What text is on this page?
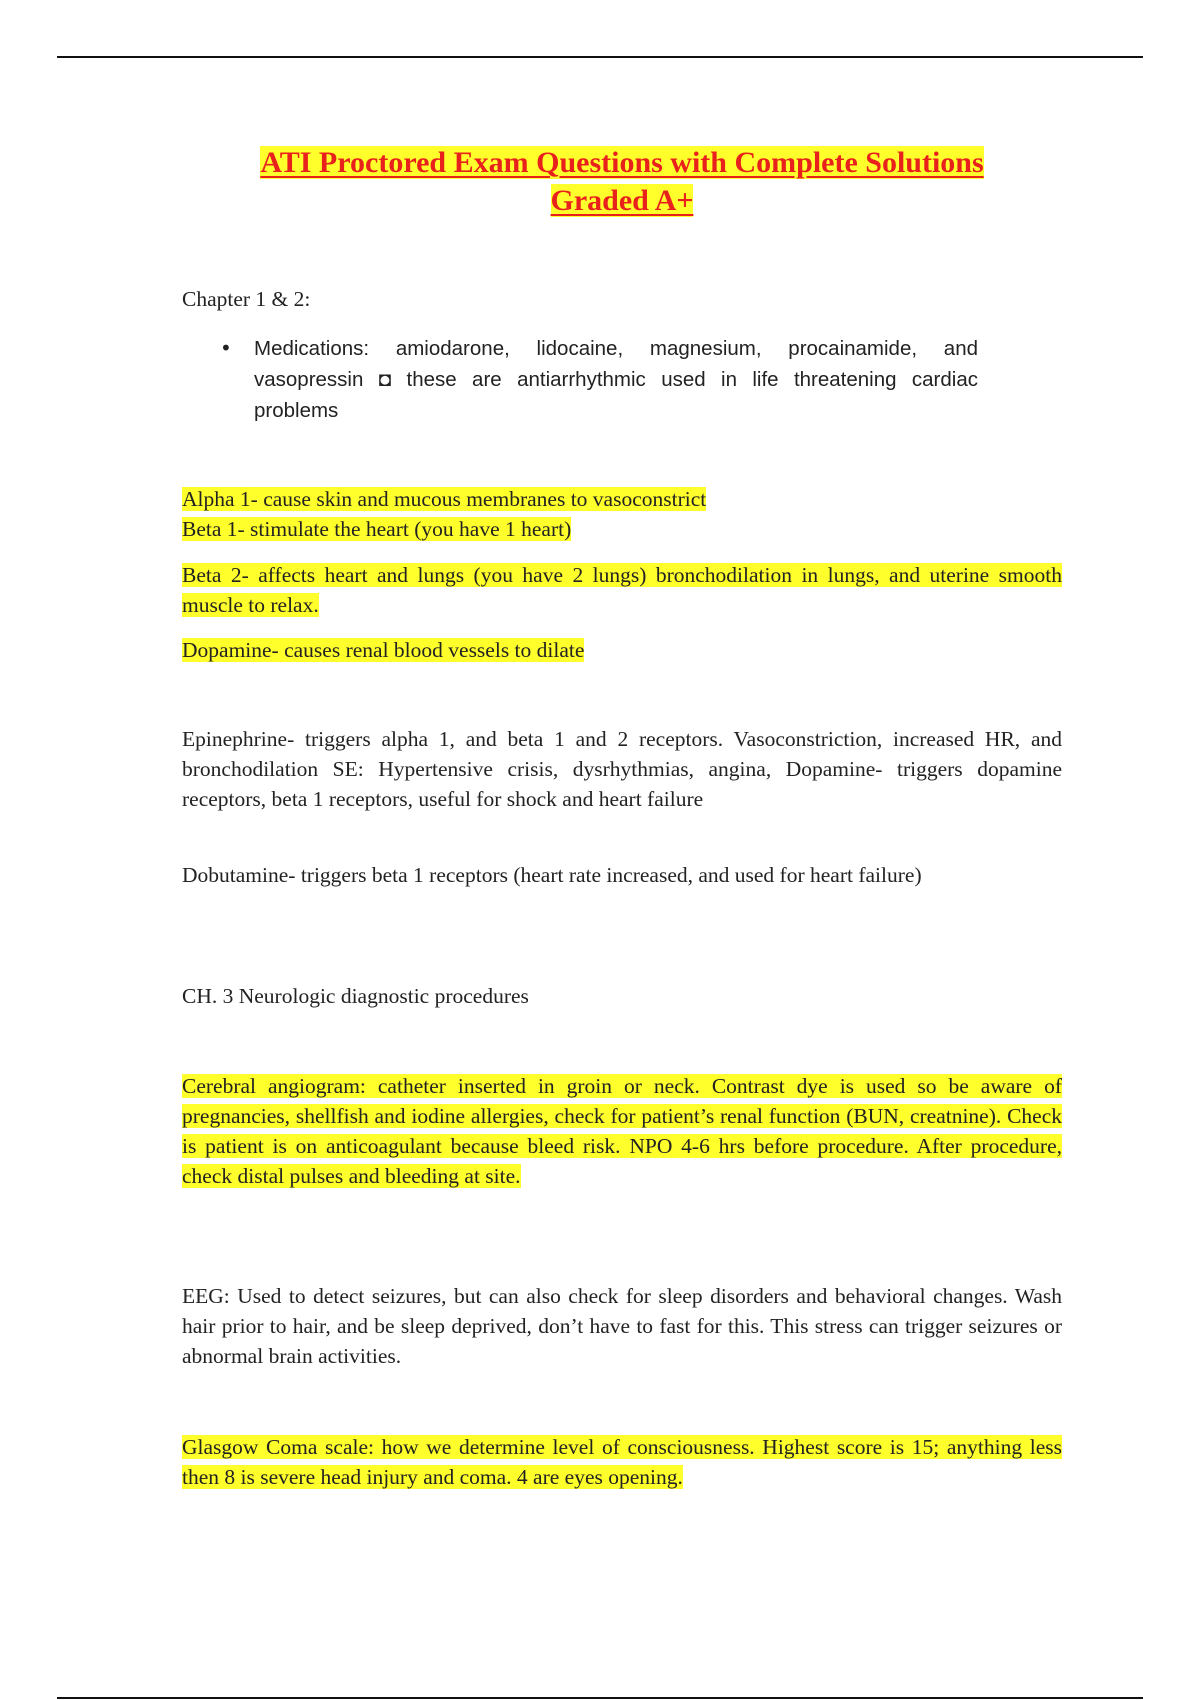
ATI Proctored Exam Questions with Complete Solutions
Graded A+
Chapter 1 & 2:
• Medications: amiodarone, lidocaine, magnesium, procainamide, and vasopressin ◘ these are antiarrhythmic used in life threatening cardiac problems
Alpha 1- cause skin and mucous membranes to vasoconstrict
Beta 1- stimulate the heart (you have 1 heart)
Beta 2- affects heart and lungs (you have 2 lungs) bronchodilation in lungs, and uterine smooth muscle to relax.
Dopamine- causes renal blood vessels to dilate
Epinephrine- triggers alpha 1, and beta 1 and 2 receptors. Vasoconstriction, increased HR, and bronchodilation SE: Hypertensive crisis, dysrhythmias, angina, Dopamine- triggers dopamine receptors, beta 1 receptors, useful for shock and heart failure
Dobutamine- triggers beta 1 receptors (heart rate increased, and used for heart failure)
CH. 3 Neurologic diagnostic procedures
Cerebral angiogram: catheter inserted in groin or neck. Contrast dye is used so be aware of pregnancies, shellfish and iodine allergies, check for patient’s renal function (BUN, creatnine). Check is patient is on anticoagulant because bleed risk. NPO 4-6 hrs before procedure. After procedure, check distal pulses and bleeding at site.
EEG: Used to detect seizures, but can also check for sleep disorders and behavioral changes. Wash hair prior to hair, and be sleep deprived, don’t have to fast for this. This stress can trigger seizures or abnormal brain activities.
Glasgow Coma scale: how we determine level of consciousness. Highest score is 15; anything less then 8 is severe head injury and coma. 4 are eyes opening.
